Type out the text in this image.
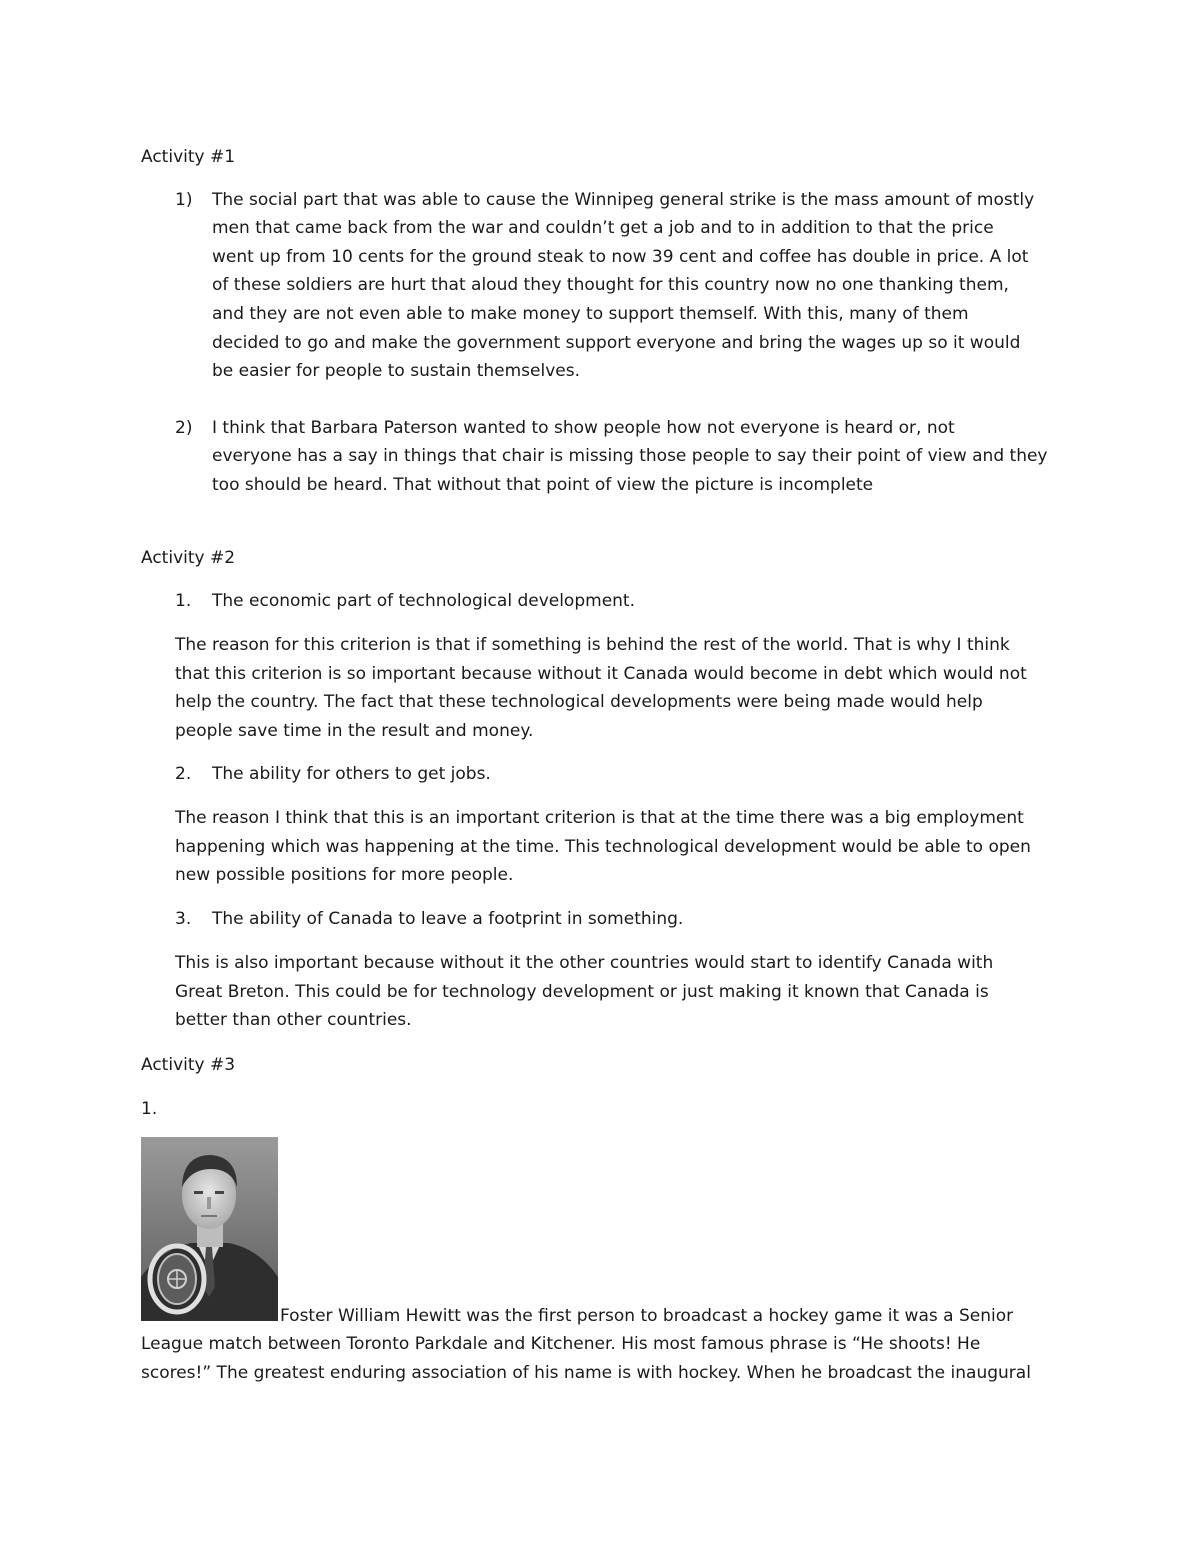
Activity #1
1) The social part that was able to cause the Winnipeg general strike is the mass amount of mostly
men that came back from the war and couldn’t get a job and to in addition to that the price
went up from 10 cents for the ground steak to now 39 cent and coffee has double in price. A lot
of these soldiers are hurt that aloud they thought for this country now no one thanking them,
and they are not even able to make money to support themself. With this, many of them
decided to go and make the government support everyone and bring the wages up so it would
be easier for people to sustain themselves.
2) I think that Barbara Paterson wanted to show people how not everyone is heard or, not
everyone has a say in things that chair is missing those people to say their point of view and they
too should be heard. That without that point of view the picture is incomplete
Activity #2
1. The economic part of technological development.
The reason for this criterion is that if something is behind the rest of the world. That is why I think
that this criterion is so important because without it Canada would become in debt which would not
help the country. The fact that these technological developments were being made would help
people save time in the result and money.
2. The ability for others to get jobs.
The reason I think that this is an important criterion is that at the time there was a big employment
happening which was happening at the time. This technological development would be able to open
new possible positions for more people.
3. The ability of Canada to leave a footprint in something.
This is also important because without it the other countries would start to identify Canada with
Great Breton. This could be for technology development or just making it known that Canada is
better than other countries.
Activity #3
1.
Foster William Hewitt was the first person to broadcast a hockey game it was a Senior
League match between Toronto Parkdale and Kitchener. His most famous phrase is “He shoots! He
scores!” The greatest enduring association of his name is with hockey. When he broadcast the inaugural
